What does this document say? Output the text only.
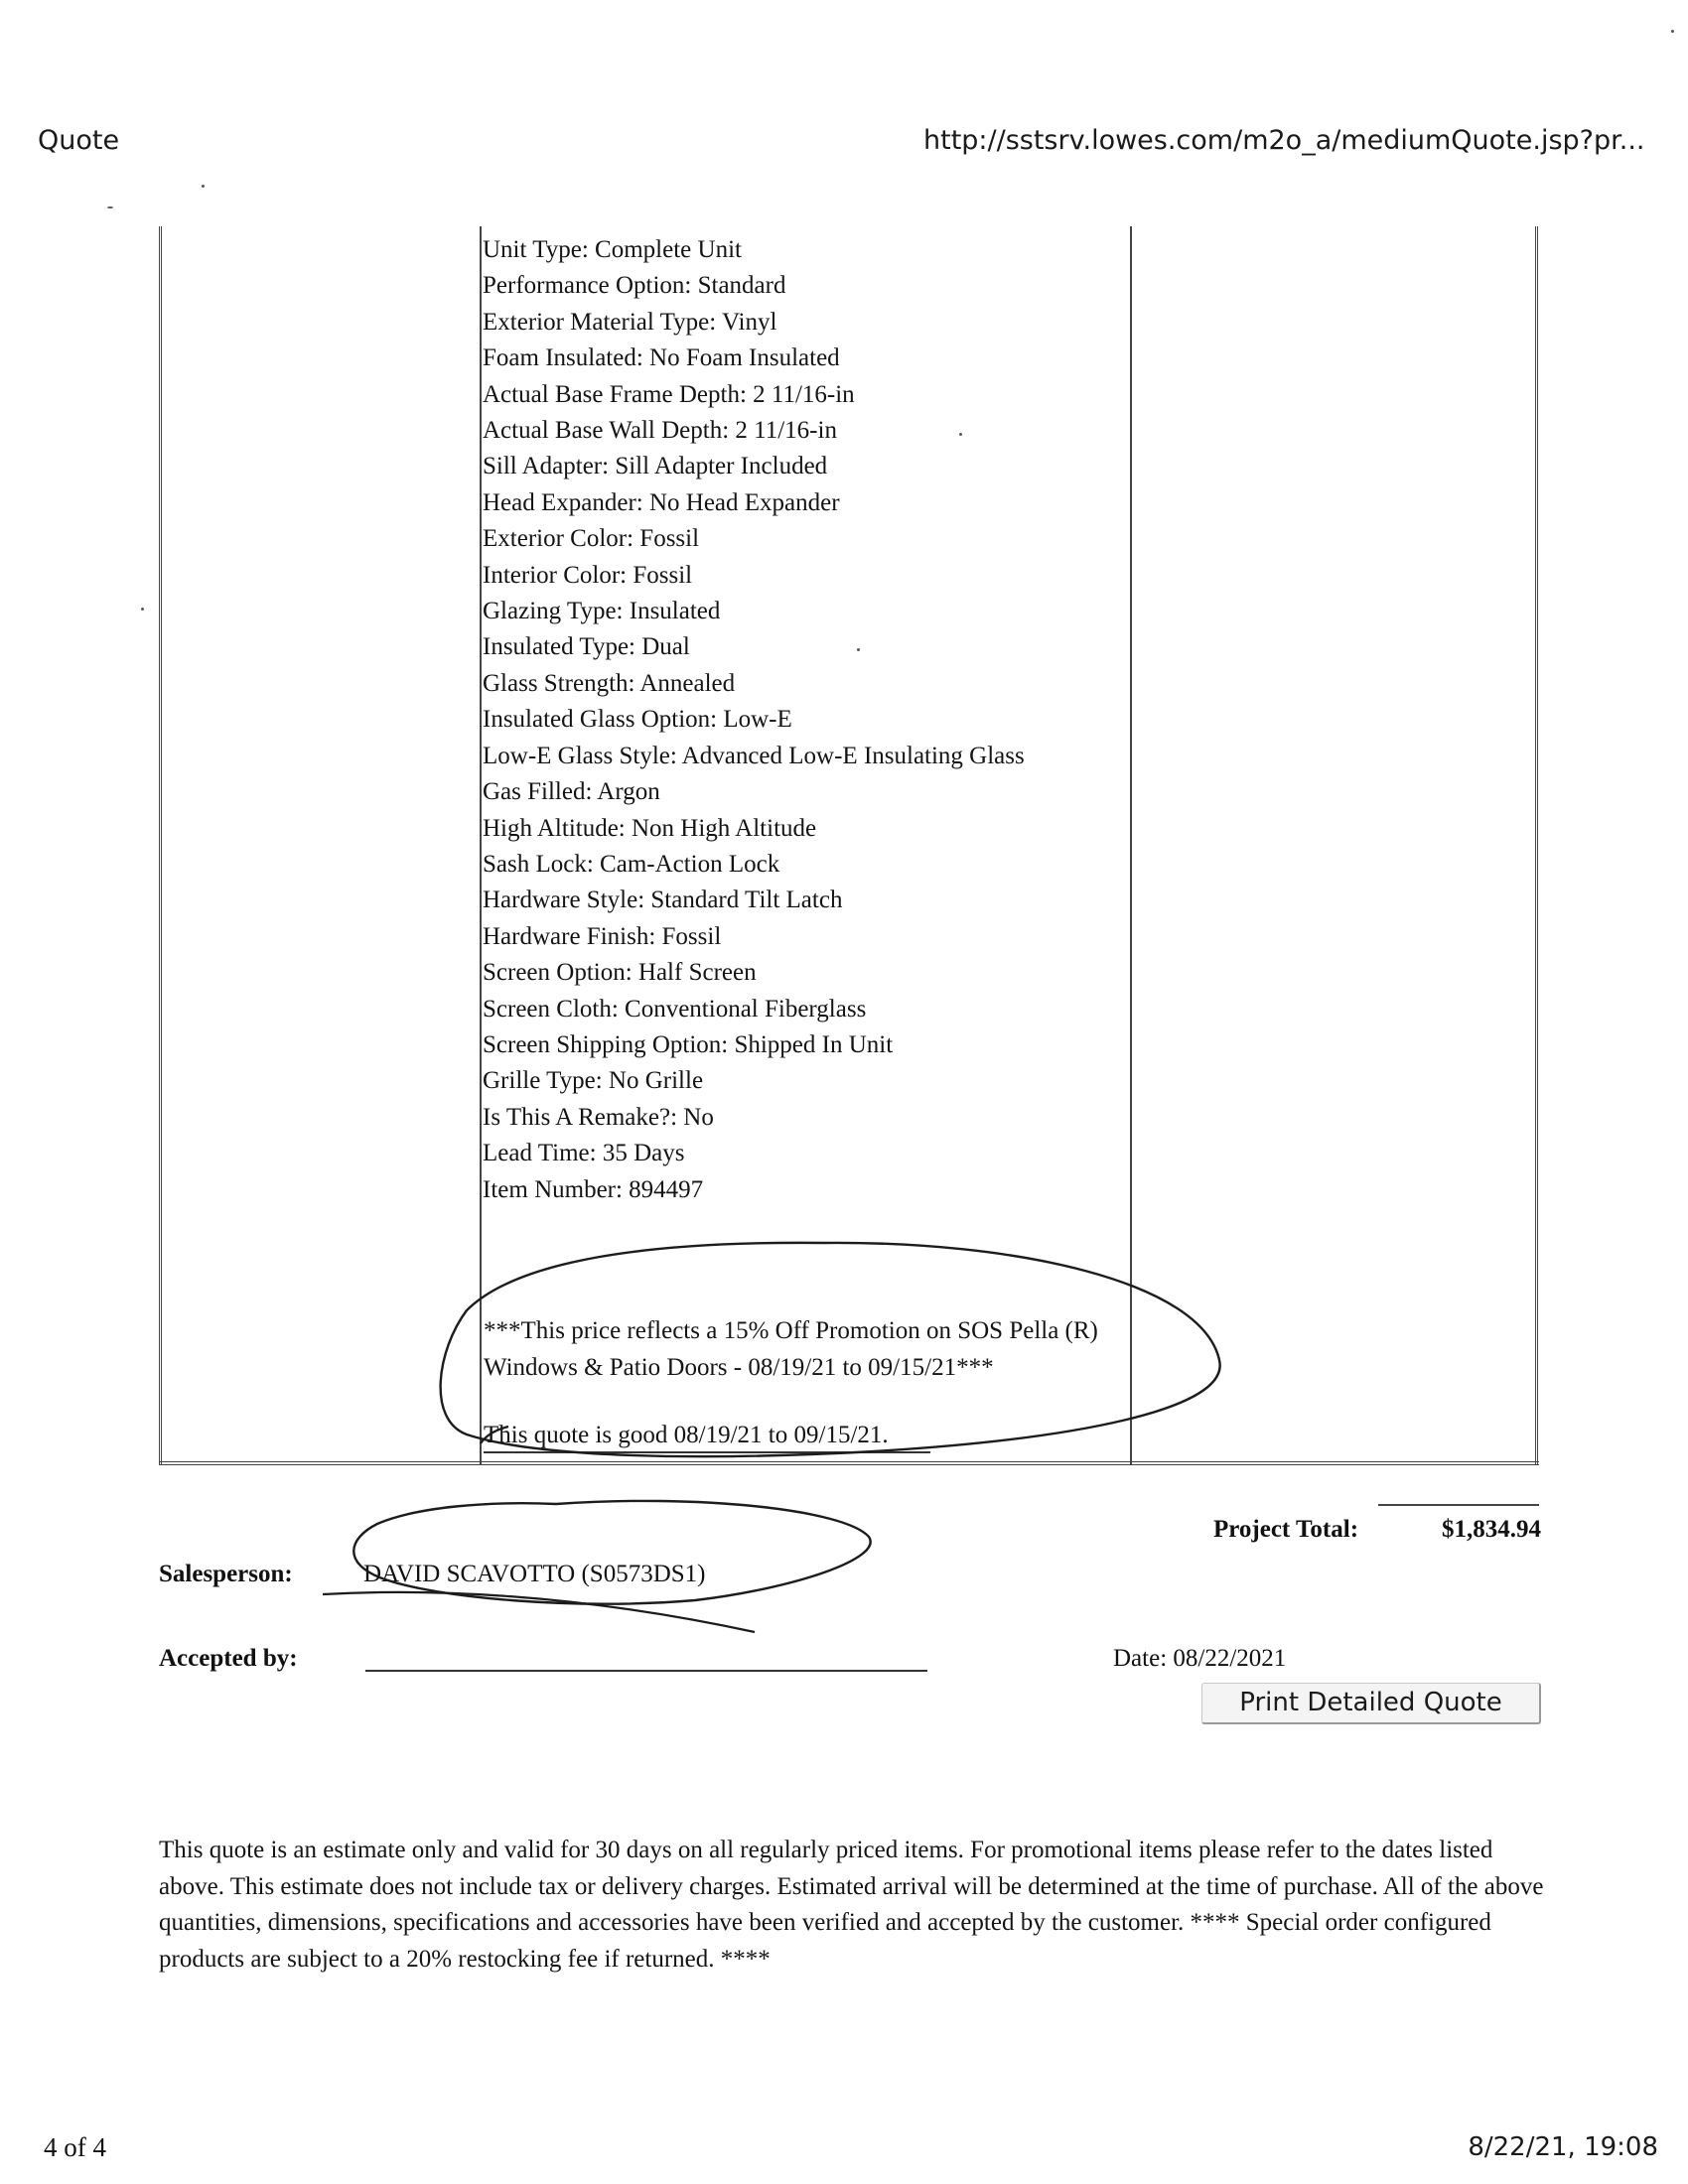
Quote	http://sstsrv.lowes.com/m2o_a/mediumQuote.jsp?pr...
Unit Type: Complete Unit
Performance Option: Standard
Exterior Material Type: Vinyl
Foam Insulated: No Foam Insulated
Actual Base Frame Depth: 2 11/16-in
Actual Base Wall Depth: 2 11/16-in
Sill Adapter: Sill Adapter Included
Head Expander: No Head Expander
Exterior Color: Fossil
Interior Color: Fossil
Glazing Type: Insulated
Insulated Type: Dual
Glass Strength: Annealed
Insulated Glass Option: Low-E
Low-E Glass Style: Advanced Low-E Insulating Glass
Gas Filled: Argon
High Altitude: Non High Altitude
Sash Lock: Cam-Action Lock
Hardware Style: Standard Tilt Latch
Hardware Finish: Fossil
Screen Option: Half Screen
Screen Cloth: Conventional Fiberglass
Screen Shipping Option: Shipped In Unit
Grille Type: No Grille
Is This A Remake?: No
Lead Time: 35 Days
Item Number: 894497
***This price reflects a 15% Off Promotion on SOS Pella (R) Windows & Patio Doors - 08/19/21 to 09/15/21***
This quote is good 08/19/21 to 09/15/21.
Project Total:	$1,834.94
Salesperson:	DAVID SCAVOTTO (S0573DS1)
Accepted by:	Date: 08/22/2021
Print Detailed Quote
This quote is an estimate only and valid for 30 days on all regularly priced items. For promotional items please refer to the dates listed above. This estimate does not include tax or delivery charges. Estimated arrival will be determined at the time of purchase. All of the above quantities, dimensions, specifications and accessories have been verified and accepted by the customer. **** Special order configured products are subject to a 20% restocking fee if returned. ****
4 of 4	8/22/21, 19:08
